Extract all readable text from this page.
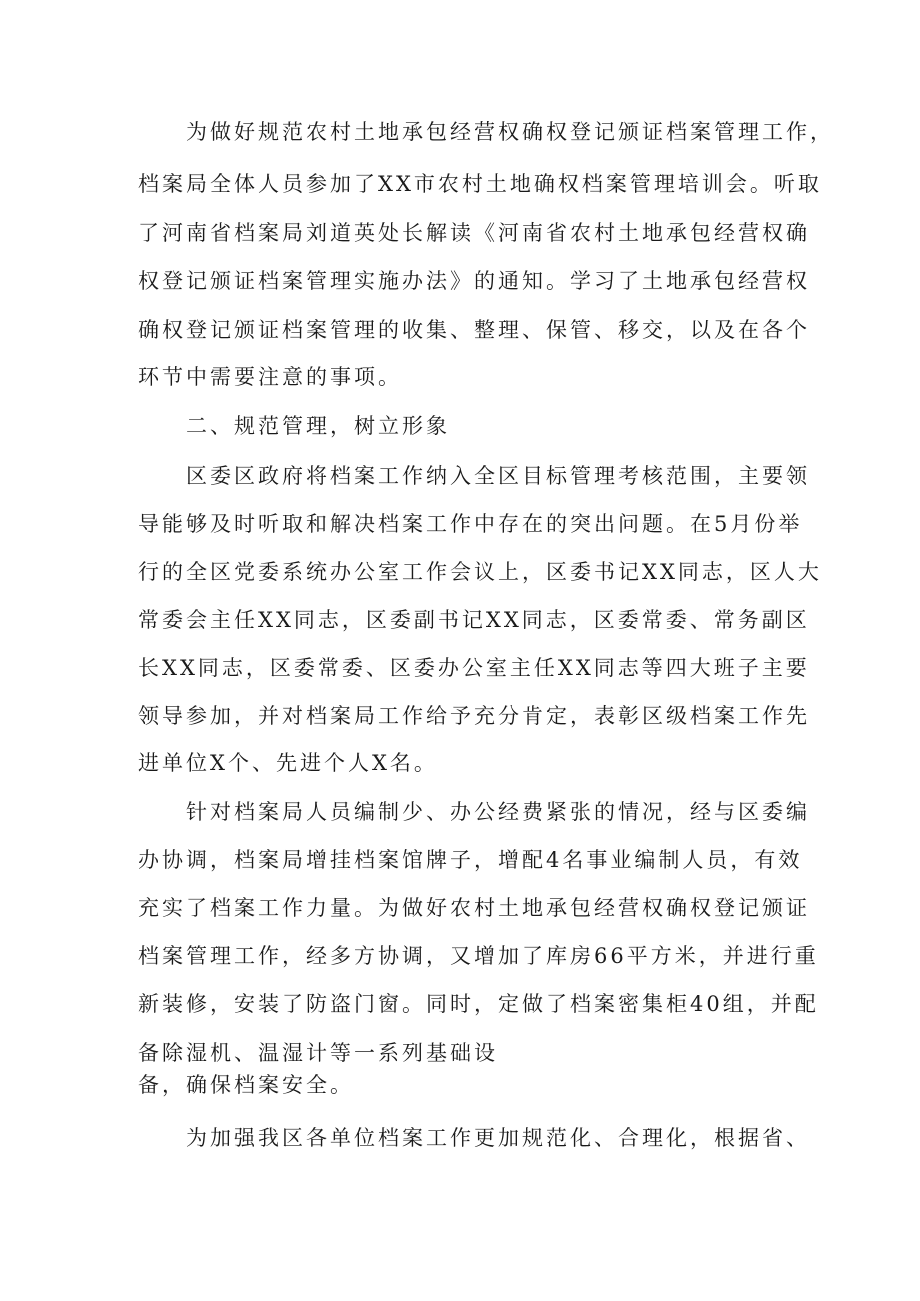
为做好规范农村土地承包经营权确权登记颁证档案管理工作，
档案局全体人员参加了XX市农村土地确权档案管理培训会。听取
了河南省档案局刘道英处长解读《河南省农村土地承包经营权确
权登记颁证档案管理实施办法》的通知。学习了土地承包经营权
确权登记颁证档案管理的收集、整理、保管、移交，以及在各个
环节中需要注意的事项。
二、规范管理，树立形象
区委区政府将档案工作纳入全区目标管理考核范围，主要领
导能够及时听取和解决档案工作中存在的突出问题。在5月份举
行的全区党委系统办公室工作会议上，区委书记XX同志，区人大
常委会主任XX同志，区委副书记XX同志，区委常委、常务副区
长XX同志，区委常委、区委办公室主任XX同志等四大班子主要
领导参加，并对档案局工作给予充分肯定，表彰区级档案工作先
进单位X个、先进个人X名。
针对档案局人员编制少、办公经费紧张的情况，经与区委编
办协调，档案局增挂档案馆牌子，增配4名事业编制人员，有效
充实了档案工作力量。为做好农村土地承包经营权确权登记颁证
档案管理工作，经多方协调，又增加了库房66平方米，并进行重
新装修，安装了防盗门窗。同时，定做了档案密集柜40组，并配
备除湿机、温湿计等一系列基础设
备，确保档案安全。
为加强我区各单位档案工作更加规范化、合理化，根据省、
